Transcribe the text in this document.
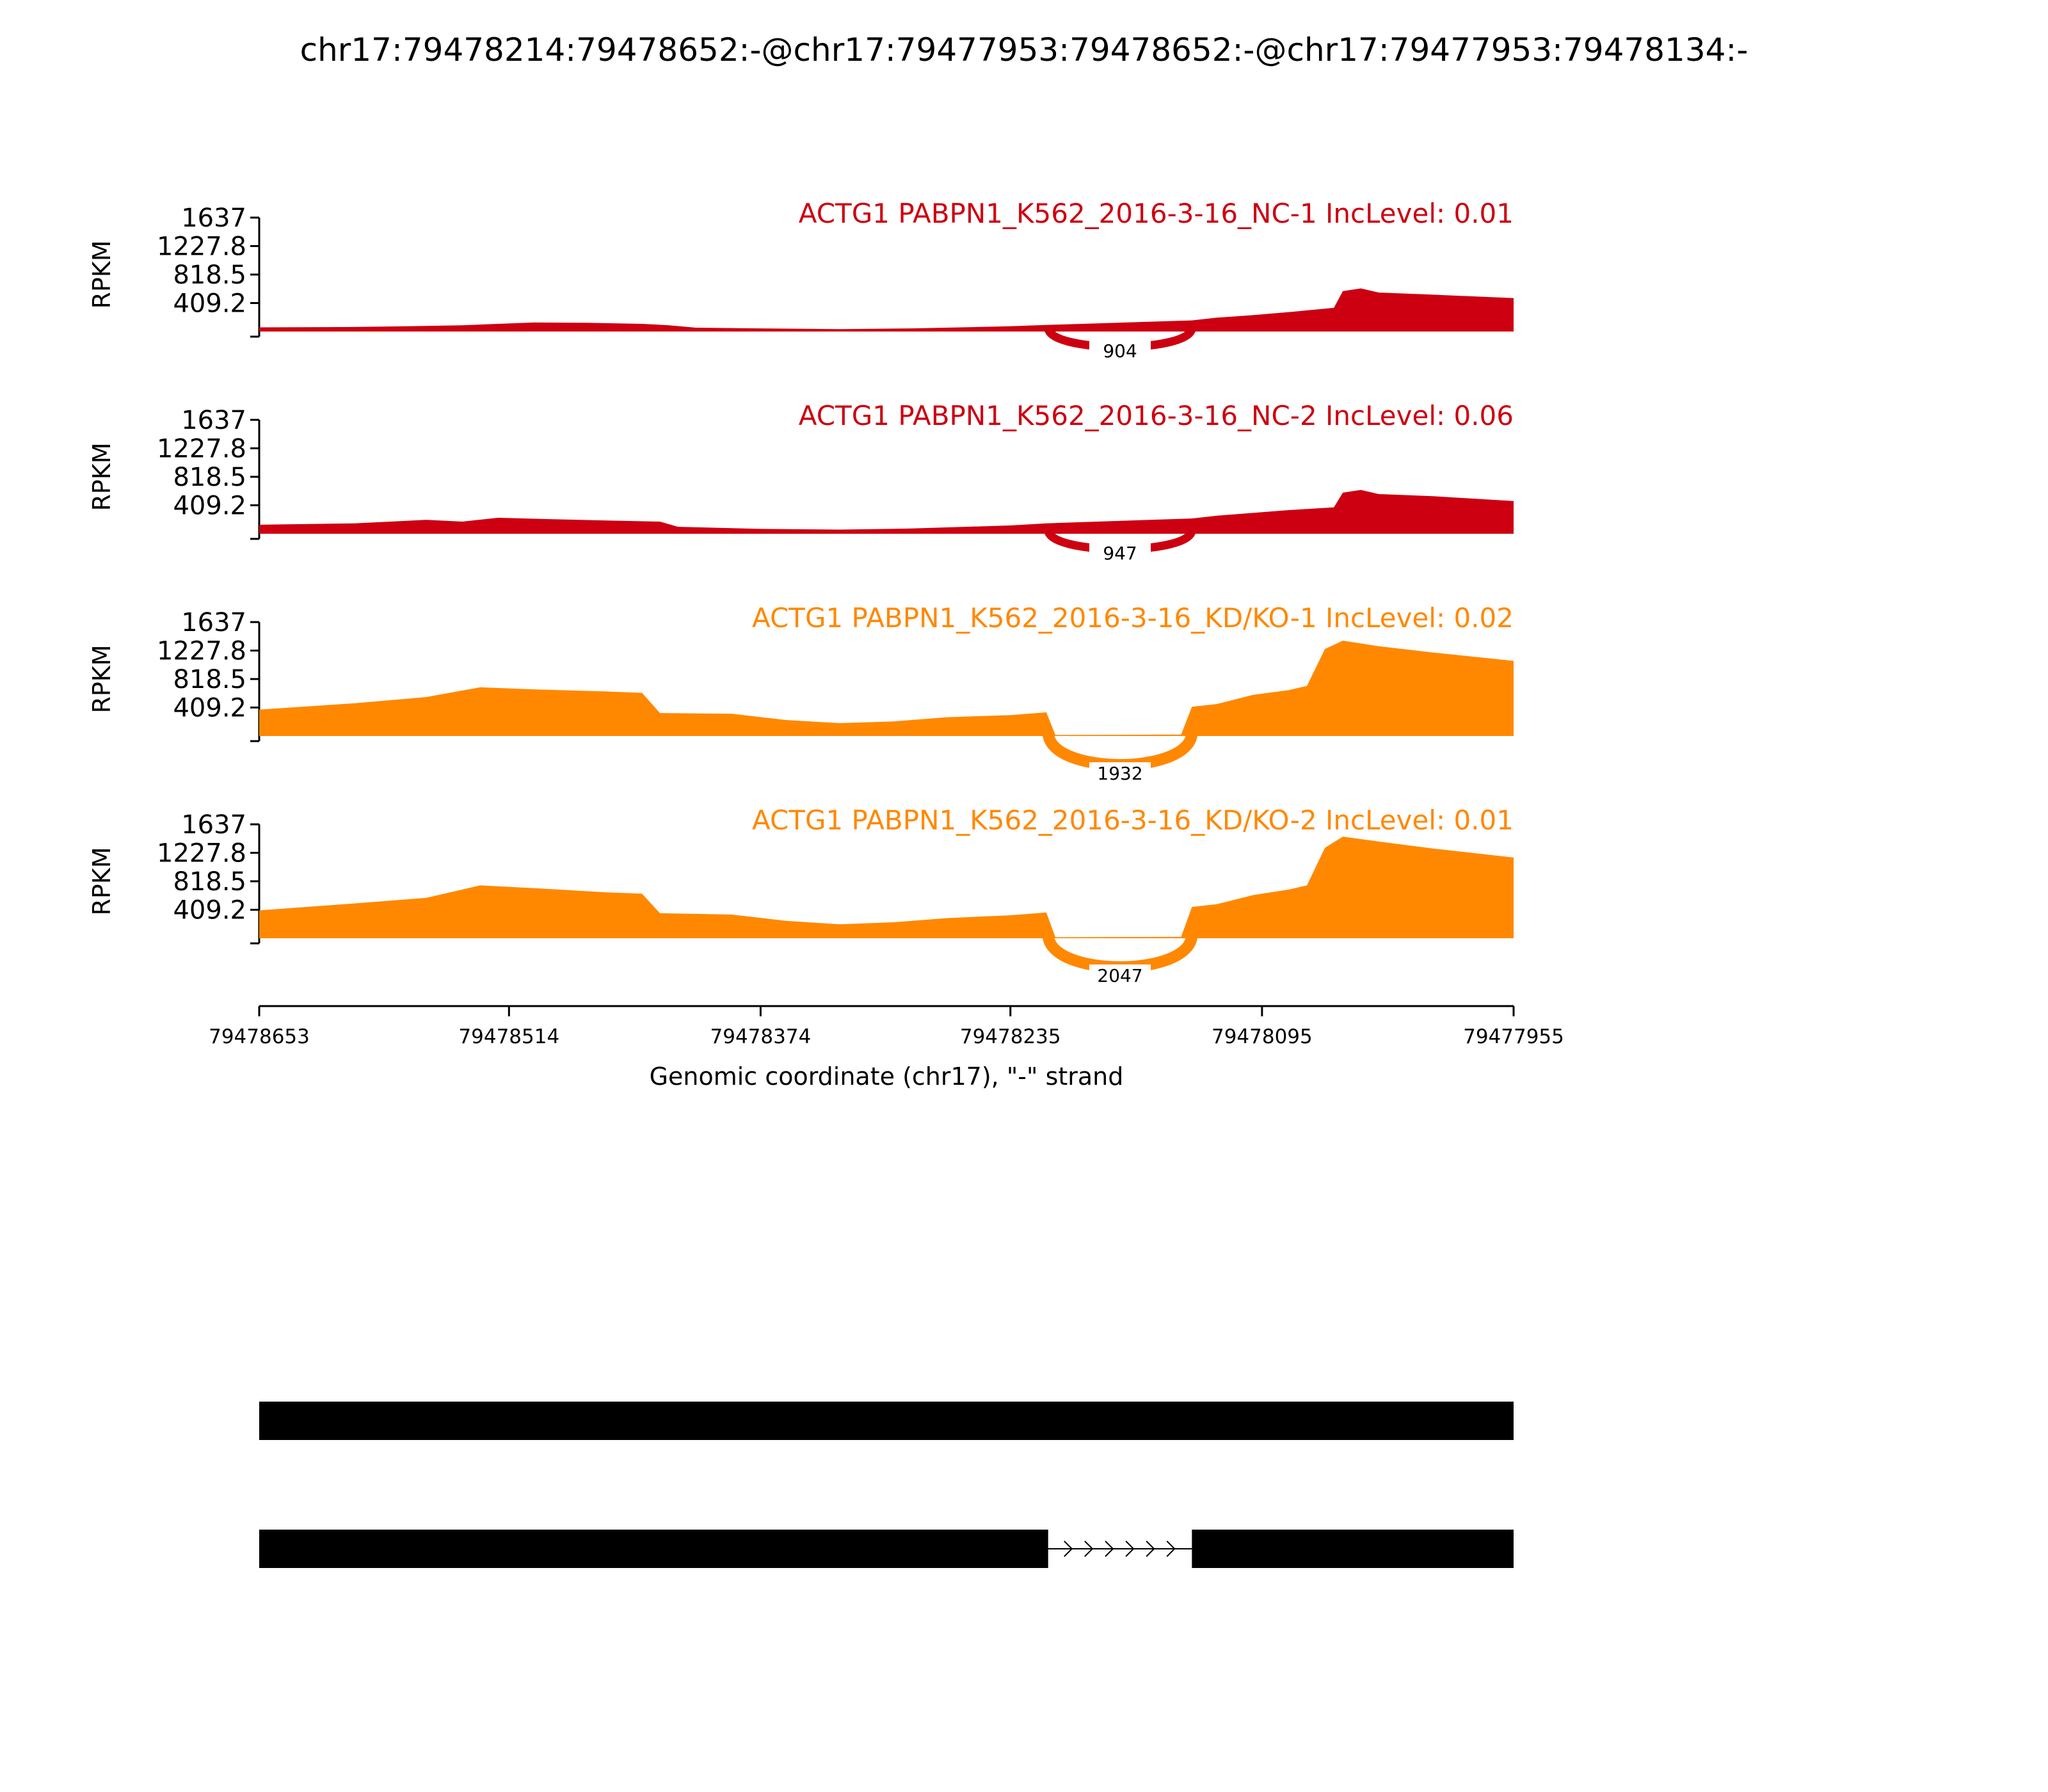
chr17:79478214:79478652:-@chr17:79477953:79478652:-@chr17:79477953:79478134:-
1637
1227.8
818.5
409.2
RPKM
904
ACTG1 PABPN1_K562_2016-3-16_NC-1 IncLevel: 0.01
1637
1227.8
818.5
409.2
RPKM
947
ACTG1 PABPN1_K562_2016-3-16_NC-2 IncLevel: 0.06
1637
1227.8
818.5
409.2
RPKM
1932
ACTG1 PABPN1_K562_2016-3-16_KD/KO-1 IncLevel: 0.02
1637
1227.8
818.5
409.2
RPKM
2047
ACTG1 PABPN1_K562_2016-3-16_KD/KO-2 IncLevel: 0.01
79478653	79478514	79478374	79478235	79478095	79477955
Genomic coordinate (chr17), "-" strand
